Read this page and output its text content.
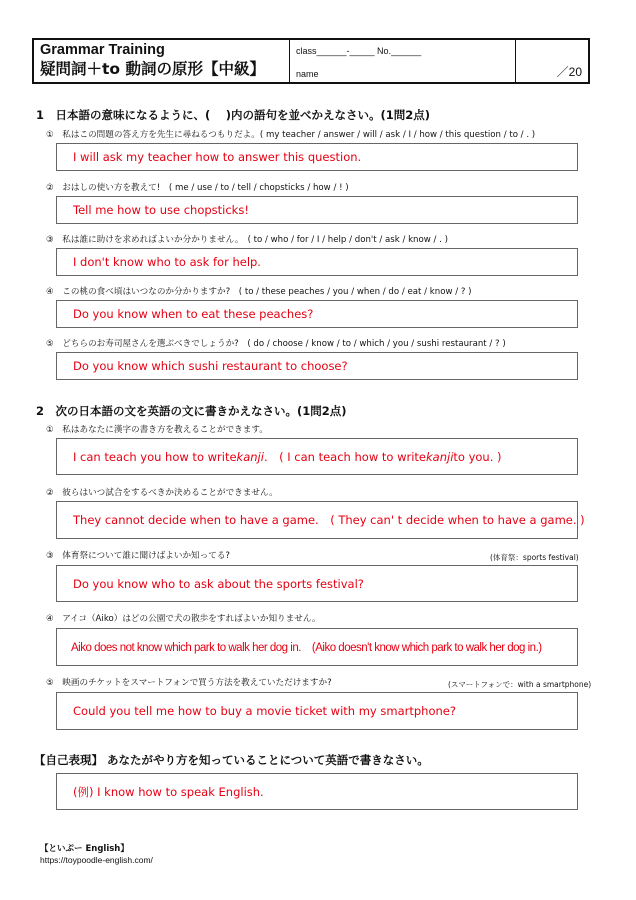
Grammar Training
疑問詞＋to 動詞の原形【中級】
class______-_____ No.______
name	／20
1　日本語の意味になるように、(　 )内の語句を並べかえなさい。(1問2点)
①　私はこの問題の答え方を先生に尋ねるつもりだよ。( my teacher / answer / will / ask / I / how / this question / to / . )
I will ask my teacher how to answer this question.
②　おはしの使い方を教えて!　( me / use / to / tell / chopsticks / how / ! )
Tell me how to use chopsticks!
③　私は誰に助けを求めればよいか分かりません。　( to / who / for / I / help / don't / ask / know / . )
I don't know who to ask for help.
④　この桃の食べ頃はいつなのか分かりますか?　( to / these peaches / you / when / do / eat / know / ? )
Do you know when to eat these peaches?
⑤　どちらのお寿司屋さんを選ぶべきでしょうか?　( do / choose / know / to / which / you / sushi restaurant / ? )
Do you know which sushi restaurant to choose?
2　次の日本語の文を英語の文に書きかえなさい。(1問2点)
①　私はあなたに漢字の書き方を教えることができます。
I can teach you how to write kanji .　( I can teach how to write kanji to you. )
②　彼らはいつ試合をするべきか決めることができません。
They cannot decide when to have a game.　( They can' t decide when to have a game. )
③　体育祭について誰に聞けばよいか知ってる?	(体育祭：sports festival)
Do you know who to ask about the sports festival?
④　アイコ（Aiko）はどの公園で犬の散歩をすればよいか知りません。
Aiko does not know which park to walk her dog in.　(Aiko doesn't know which park to walk her dog in.)
⑤　映画のチケットをスマートフォンで買う方法を教えていただけますか?	(スマートフォンで：with a smartphone)
Could you tell me how to buy a movie ticket with my smartphone?
【自己表現】 あなたがやり方を知っていることについて英語で書きなさい。
(例) I know how to speak English.
【といぷー English】
https://toypoodle-english.com/
